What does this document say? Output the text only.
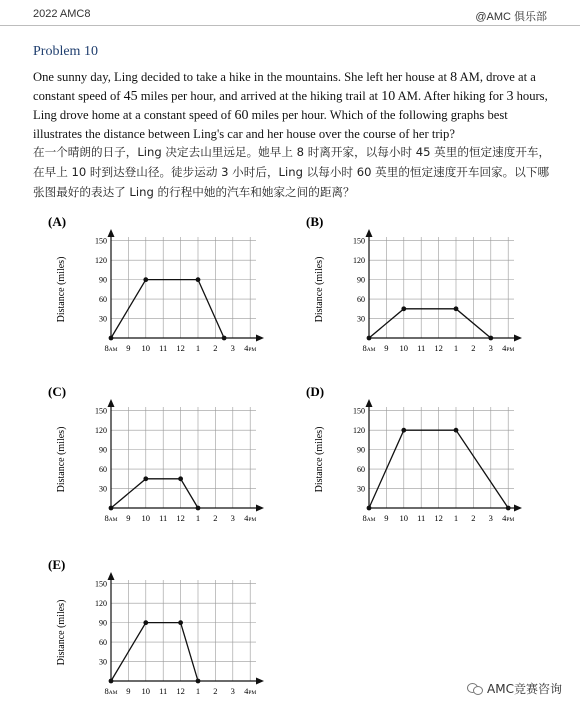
2022 AMC8	@AMC 俱乐部
Problem 10
One sunny day, Ling decided to take a hike in the mountains. She left her house at 8 AM, drove at a constant speed of 45 miles per hour, and arrived at the hiking trail at 10 AM. After hiking for 3 hours, Ling drove home at a constant speed of 60 miles per hour. Which of the following graphs best illustrates the distance between Ling's car and her house over the course of her trip?
在一个晴朗的日子，Ling 决定去山里远足。她早上 8 时离开家，以每小时 45 英里的恒定速度开车，在早上 10 时到达登山径。徒步运动 3 小时后，Ling 以每小时 60 英里的恒定速度开车回家。以下哪张图最好的表达了 Ling 的行程中她的汽车和她家之间的距离？
30
60
90
120
150
8AM 9 10 11 12 1 2 3 4PM
(A)
Distance (miles)	30
60
90
120
150
8AM 9 10 11 12 1 2 3 4PM
(B)
Distance (miles)
30
60
90
120
150
8AM 9 10 11 12 1 2 3 4PM
(C)
Distance (miles)	30
60
90
120
150
8AM 9 10 11 12 1 2 3 4PM
(D)
Distance (miles)
30
60
90
120
150
8AM 9 10 11 12 1 2 3 4PM
(E)
Distance (miles)
AMC竞赛咨询
